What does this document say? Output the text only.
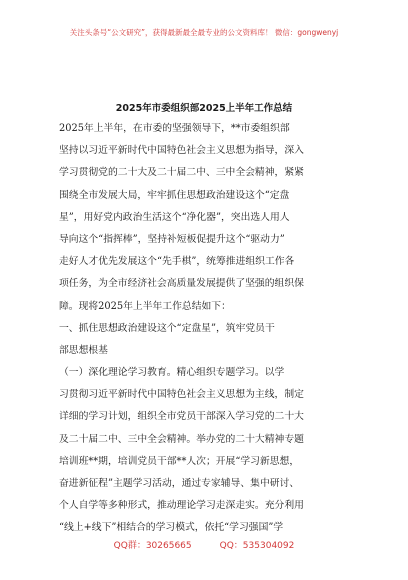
关注头条号“公文研究”，获得最新最全最专业的公文资料库！ 微信：gongwenyj
2025年市委组织部2025上半年工作总结
2025年上半年，在市委的坚强领导下，**市委组织部
坚持以习近平新时代中国特色社会主义思想为指导，深入
学习贯彻党的二十大及二十届二中、三中全会精神，紧紧
围绕全市发展大局，牢牢抓住思想政治建设这个“定盘
星”，用好党内政治生活这个“净化器”，突出选人用人
导向这个“指挥棒”，坚持补短板促提升这个“驱动力”
走好人才优先发展这个“先手棋”，统筹推进组织工作各
项任务，为全市经济社会高质量发展提供了坚强的组织保
障。现将2025年上半年工作总结如下：
一、抓住思想政治建设这个“定盘星”，筑牢党员干
部思想根基
（一）深化理论学习教育。精心组织专题学习。以学
习贯彻习近平新时代中国特色社会主义思想为主线，制定
详细的学习计划，组织全市党员干部深入学习党的二十大
及二十届二中、三中全会精神。举办党的二十大精神专题
培训班**期，培训党员干部**人次；开展“学习新思想，
奋进新征程”主题学习活动，通过专家辅导、集中研讨、
个人自学等多种形式，推动理论学习走深走实。充分利用
“线上+线下”相结合的学习模式，依托“学习强国”学
QQ群：30265665	QQ：535304092
